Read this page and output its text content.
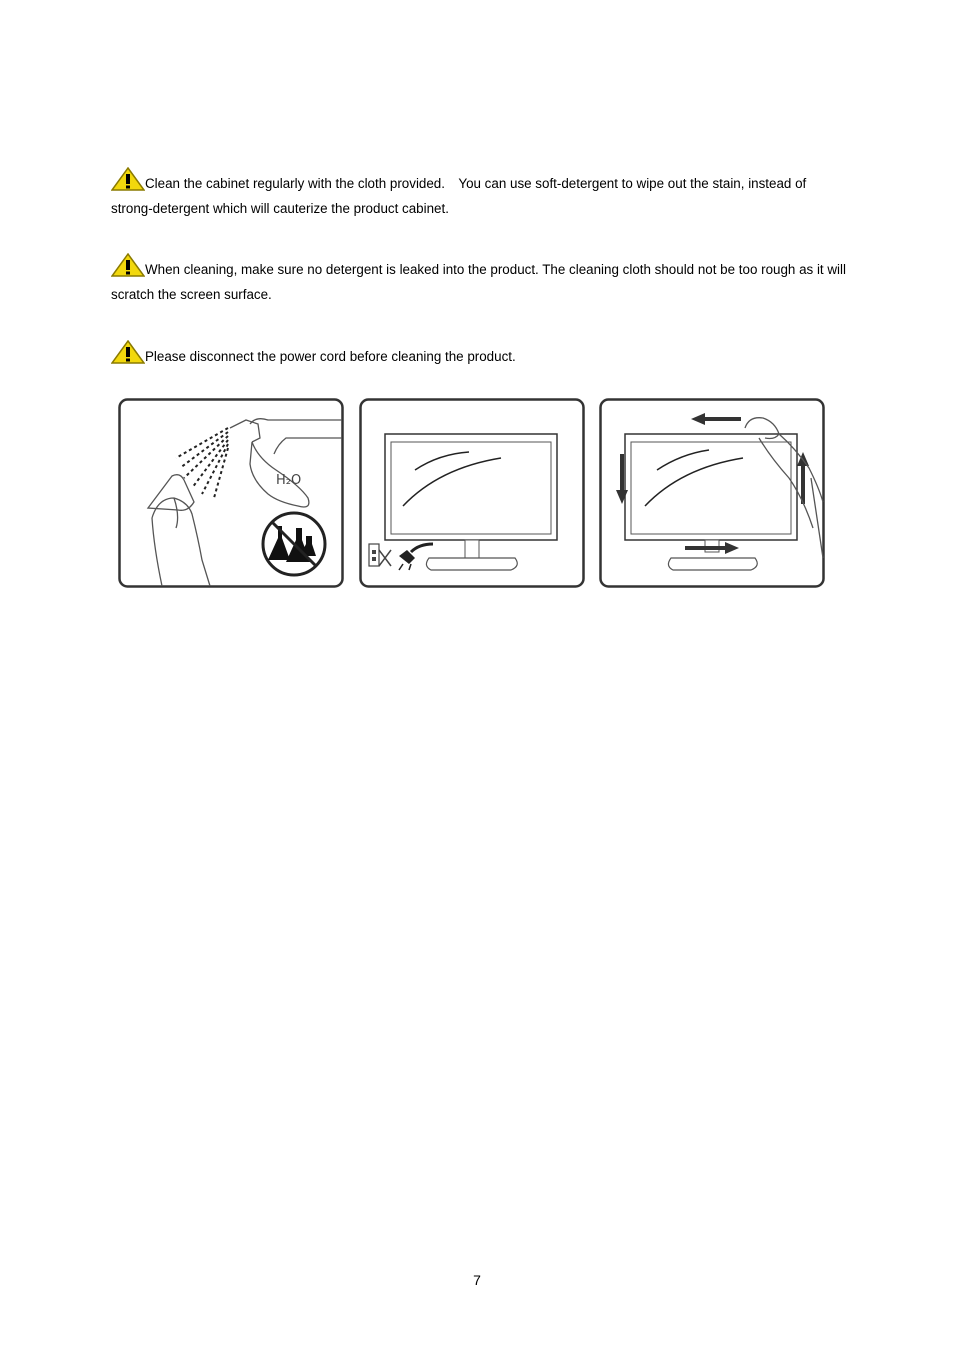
Clean the cabinet regularly with the cloth provided.　You can use soft-detergent to wipe out the stain, instead of strong-detergent which will cauterize the product cabinet.
When cleaning, make sure no detergent is leaked into the product. The cleaning cloth should not be too rough as it will scratch the screen surface.
Please disconnect the power cord before cleaning the product.
H₂O
7
